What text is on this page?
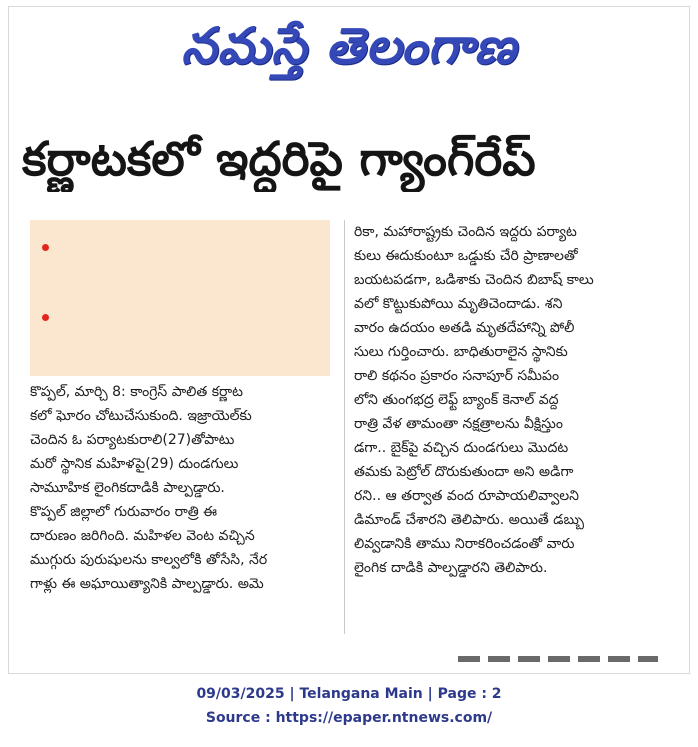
నమస్తే తెలంగాణ
కర్ణాటకలో ఇద్దరిపై గ్యాంగ్‌రేప్
కొప్పల్, మార్చి 8: కాంగ్రెస్ పాలిత కర్ణాట
కలో ఘోరం చోటుచేసుకుంది. ఇజ్రాయెల్‌కు
చెందిన ఓ పర్యాటకురాలి(27)తోపాటు
మరో స్థానిక మహిళపై(29) దుండగులు
సామూహిక లైంగికదాడికి పాల్పడ్డారు.
కొప్పల్ జిల్లాలో గురువారం రాత్రి ఈ
దారుణం జరిగింది. మహిళల వెంట వచ్చిన
ముగ్గురు పురుషులను కాల్వలోకి తోసేసి, నేర
గాళ్లు ఈ అఘాయిత్యానికి పాల్పడ్డారు. అమె
రికా, మహారాష్ట్రకు చెందిన ఇద్దరు పర్యాట
కులు ఈదుకుంటూ ఒడ్డుకు చేరి ప్రాణాలతో
బయటపడగా, ఒడిశాకు చెందిన బిబాష్ కాలు
వలో కొట్టుకుపోయి మృతిచెందాడు. శని
వారం ఉదయం అతడి మృతదేహాన్ని పోలీ
సులు గుర్తించారు. బాధితురాలైన స్థానికు
రాలి కథనం ప్రకారం సనాపూర్ సమీపం
లోని తుంగభద్ర లెఫ్ట్ బ్యాంక్ కెనాల్ వద్ద
రాత్రి వేళ తామంతా నక్షత్రాలను వీక్షిస్తుం
డగా.. బైక్‌పై వచ్చిన దుండగులు మొదట
తమకు పెట్రోల్ దొరుకుతుందా అని అడిగా
రని.. ఆ తర్వాత వంద రూపాయలివ్వాలని
డిమాండ్ చేశారని తెలిపారు. అయితే డబ్బు
లివ్వడానికి తాము నిరాకరించడంతో వారు
లైంగిక దాడికి పాల్పడ్డారని తెలిపారు.
09/03/2025 | Telangana Main | Page : 2
Source : https://epaper.ntnews.com/
